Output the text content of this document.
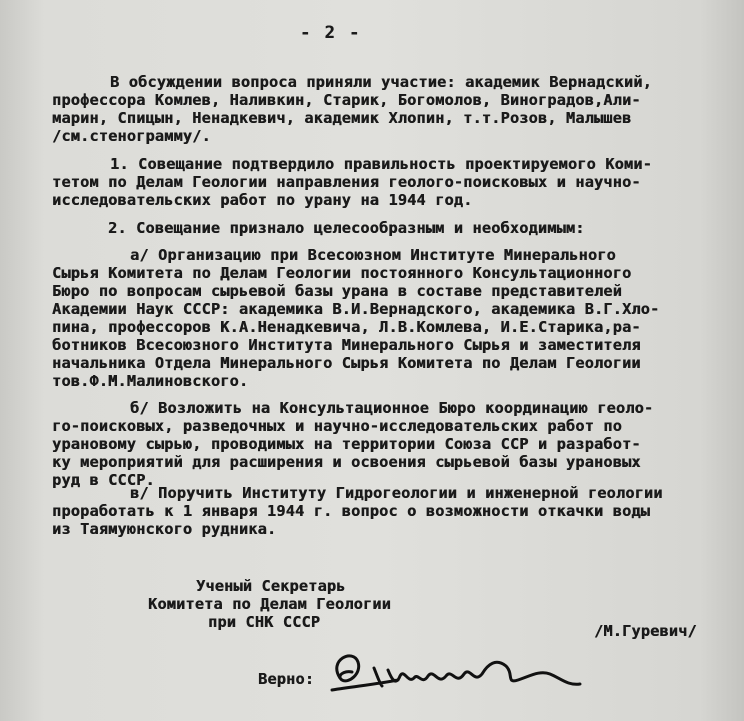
- 2 -
В обсуждении вопроса приняли участие: академик Вернадский,
профессора Комлев, Наливкин, Старик, Богомолов, Виноградов,Али-
марин, Спицын, Ненадкевич, академик Хлопин, т.т.Розов, Малышев
/см.стенограмму/.
1. Совещание подтвердило правильность проектируемого Коми-
тетом по Делам Геологии направления геолого-поисковых и научно-
исследовательских работ по урану на 1944 год.
2. Совещание признало целесообразным и необходимым:
а/ Организацию при Всесоюзном Институте Минерального
Сырья Комитета по Делам Геологии постоянного Консультационного
Бюро по вопросам сырьевой базы урана в составе представителей
Академии Наук СССР: академика В.И.Вернадского, академика В.Г.Хло-
пина, профессоров К.А.Ненадкевича, Л.В.Комлева, И.Е.Старика,ра-
ботников Всесоюзного Института Минерального Сырья и заместителя
начальника Отдела Минерального Сырья Комитета по Делам Геологии
тов.Ф.М.Малиновского.
б/ Возложить на Консультационное Бюро координацию геоло-
го-поисковых, разведочных и научно-исследовательских работ по
урановому сырью, проводимых на территории Союза ССР и разработ-
ку мероприятий для расширения и освоения сырьевой базы урановых
руд в СССР.
в/ Поручить Институту Гидрогеологии и инженерной геологии
проработать к 1 января 1944 г. вопрос о возможности откачки воды
из Таямуюнского рудника.
Ученый Секретарь
Комитета по Делам Геологии
при СНК СССР	/М.Гуревич/
Верно:
